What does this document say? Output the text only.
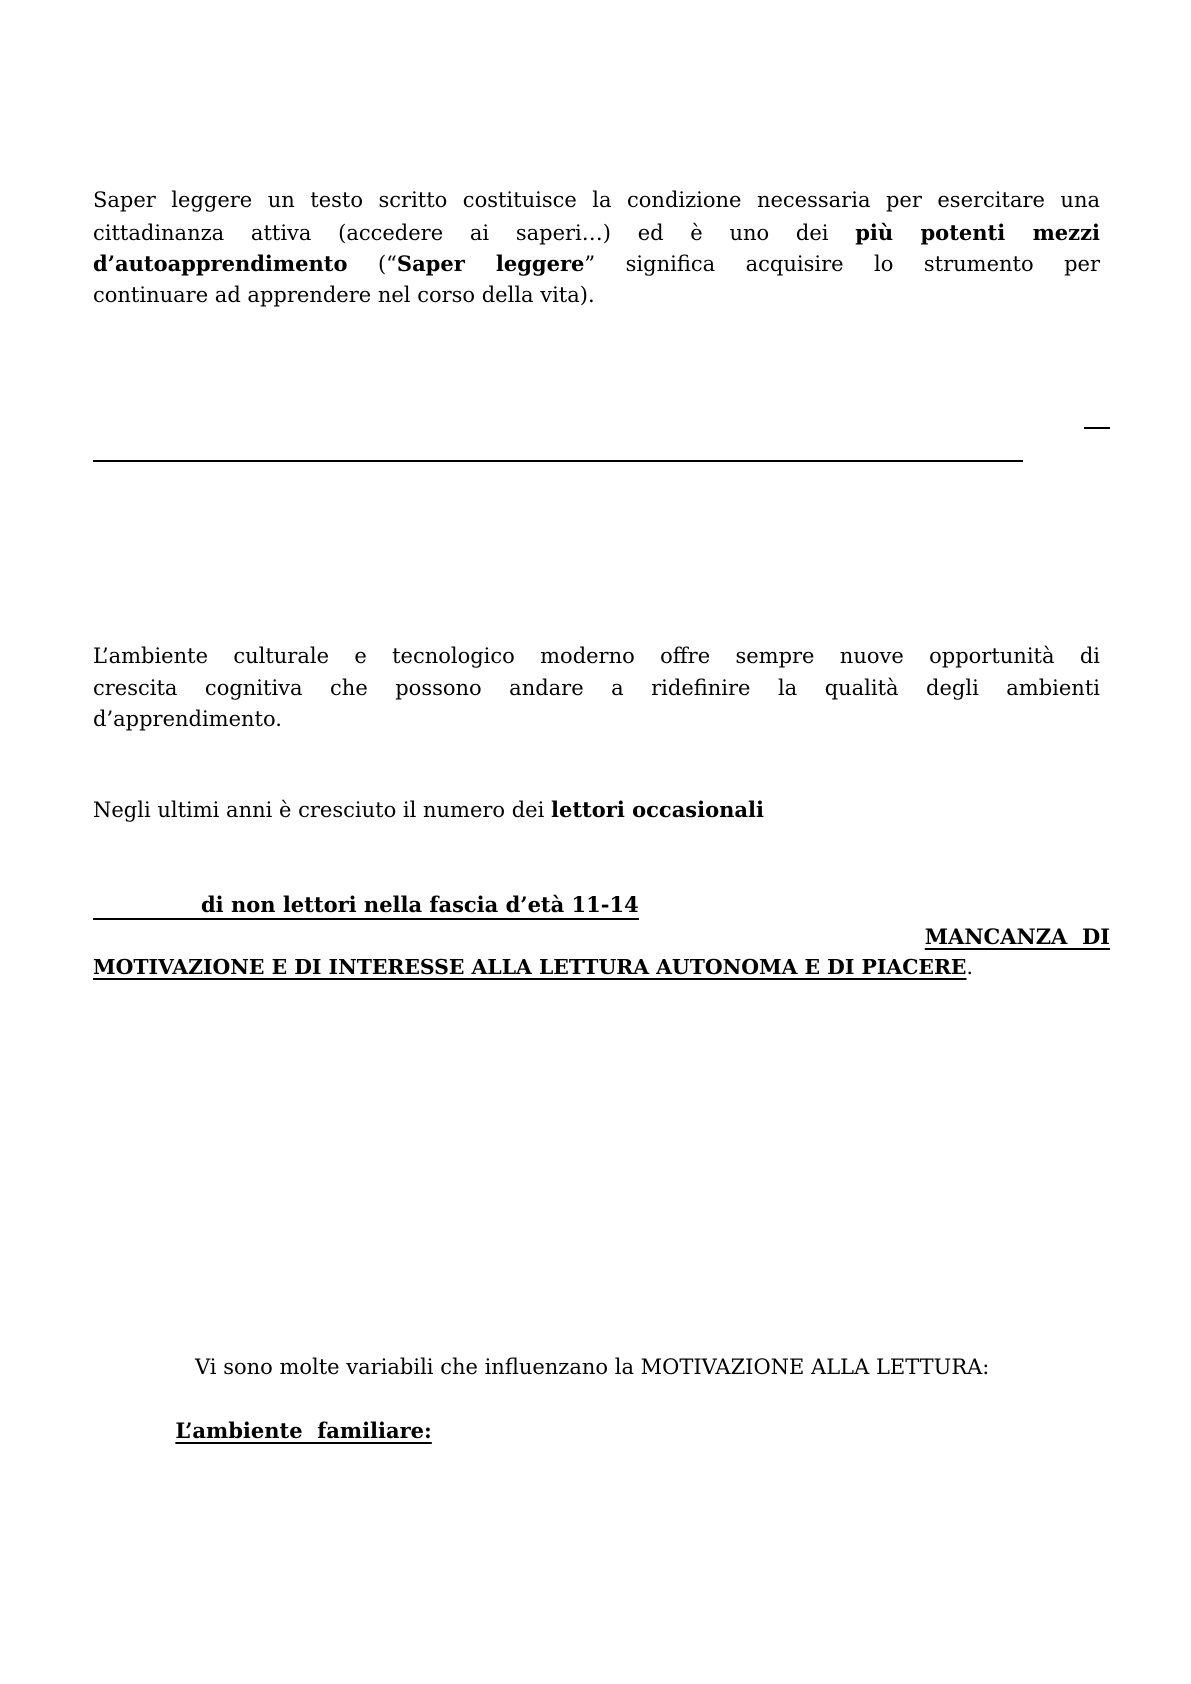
Saper leggere un testo scritto costituisce la condizione necessaria per esercitare una
cittadinanza attiva (accedere ai saperi…) ed è uno dei più potenti mezzi
d’autoapprendimento (“Saper leggere” significa acquisire lo strumento per
continuare ad apprendere nel corso della vita).
L’ambiente culturale e tecnologico moderno offre sempre nuove opportunità di
crescita cognitiva che possono andare a ridefinire la qualità degli ambienti
d’apprendimento.
Negli ultimi anni è cresciuto il numero dei lettori occasionali
di non lettori nella fascia d’età 11-14
MANCANZA  DI
MOTIVAZIONE E DI INTERESSE ALLA LETTURA AUTONOMA E DI PIACERE.
Vi sono molte variabili che influenzano la MOTIVAZIONE ALLA LETTURA:

L’ambiente  familiare:
